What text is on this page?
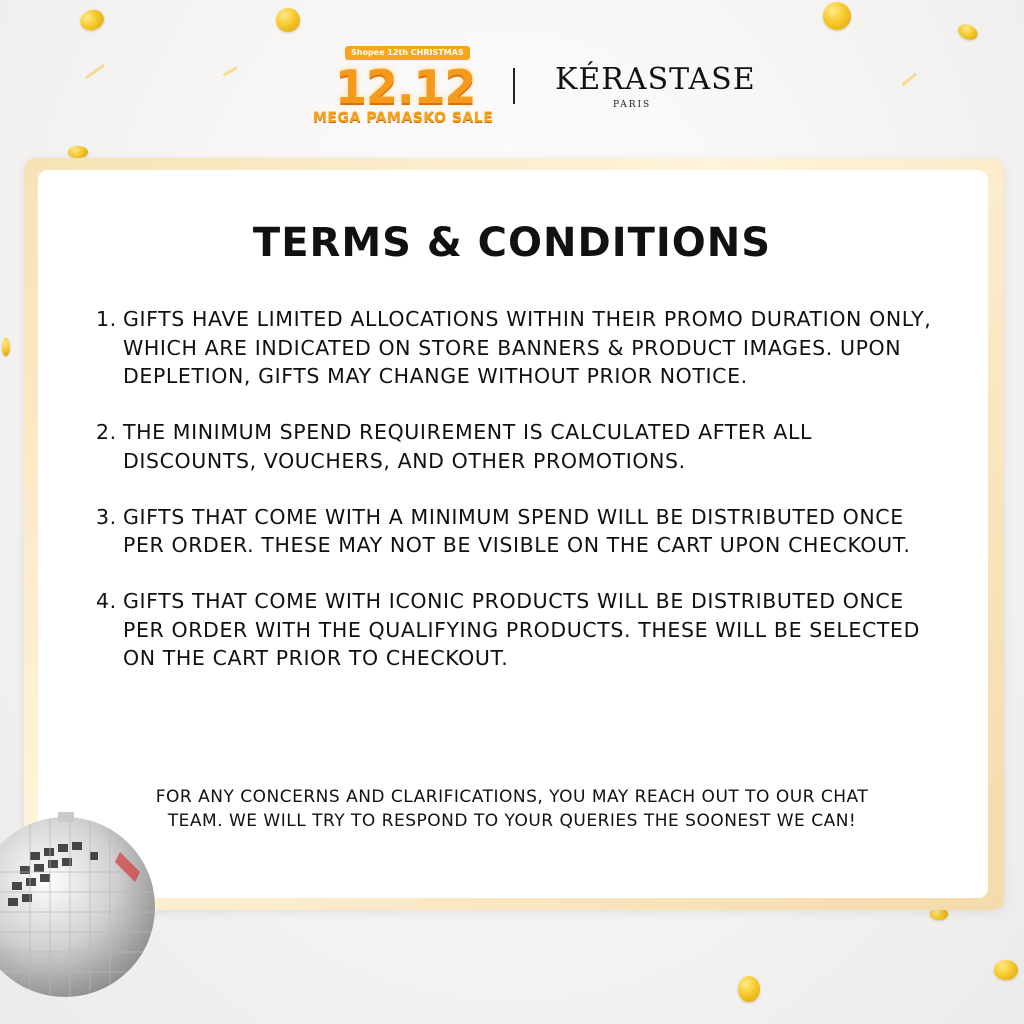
Shopee 12th CHRISTMAS
12.12
MEGA PAMASKO SALE
KÉRASTASE
PARIS
TERMS & CONDITIONS
1. GIFTS HAVE LIMITED ALLOCATIONS WITHIN THEIR PROMO DURATION ONLY, WHICH ARE INDICATED ON STORE BANNERS & PRODUCT IMAGES. UPON DEPLETION, GIFTS MAY CHANGE WITHOUT PRIOR NOTICE.
2. THE MINIMUM SPEND REQUIREMENT IS CALCULATED AFTER ALL DISCOUNTS, VOUCHERS, AND OTHER PROMOTIONS.
3. GIFTS THAT COME WITH A MINIMUM SPEND WILL BE DISTRIBUTED ONCE PER ORDER. THESE MAY NOT BE VISIBLE ON THE CART UPON CHECKOUT.
4. GIFTS THAT COME WITH ICONIC PRODUCTS WILL BE DISTRIBUTED ONCE PER ORDER WITH THE QUALIFYING PRODUCTS. THESE WILL BE SELECTED ON THE CART PRIOR TO CHECKOUT.
FOR ANY CONCERNS AND CLARIFICATIONS, YOU MAY REACH OUT TO OUR CHAT TEAM. WE WILL TRY TO RESPOND TO YOUR QUERIES THE SOONEST WE CAN!
